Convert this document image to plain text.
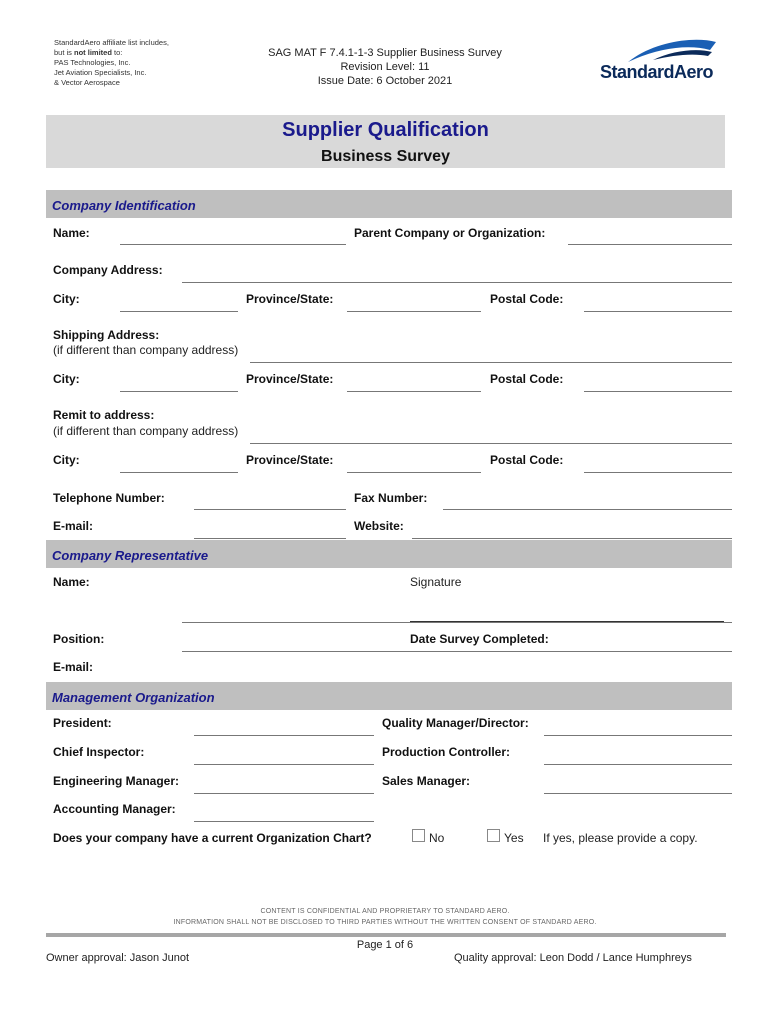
StandardAero affiliate list includes,
but is not limited to:
PAS Technologies, Inc.
Jet Aviation Specialists, Inc.
& Vector Aerospace
SAG MAT F 7.4.1-1-3 Supplier Business Survey
Revision Level: 11
Issue Date: 6 October 2021	StandardAero
Supplier Qualification
Business Survey
Company Identification
Name:	Parent Company or Organization:
Company Address:
City:	Province/State:	Postal Code:
Shipping Address:
(if different than company address)
City:	Province/State:	Postal Code:
Remit to address:
(if different than company address)
City:	Province/State:	Postal Code:
Telephone Number:	Fax Number:
E-mail:	Website:
Company Representative
Name:	Signature
Position:	Date Survey Completed:
E-mail:
Management Organization
President:	Quality Manager/Director:
Chief Inspector:	Production Controller:
Engineering Manager:	Sales Manager:
Accounting Manager:
Does your company have a current Organization Chart?	No	Yes If yes, please provide a copy.
CONTENT IS CONFIDENTIAL AND PROPRIETARY TO STANDARD AERO.
INFORMATION SHALL NOT BE DISCLOSED TO THIRD PARTIES WITHOUT THE WRITTEN CONSENT OF STANDARD AERO.
Page 1 of 6
Owner approval: Jason Junot	Quality approval: Leon Dodd / Lance Humphreys
